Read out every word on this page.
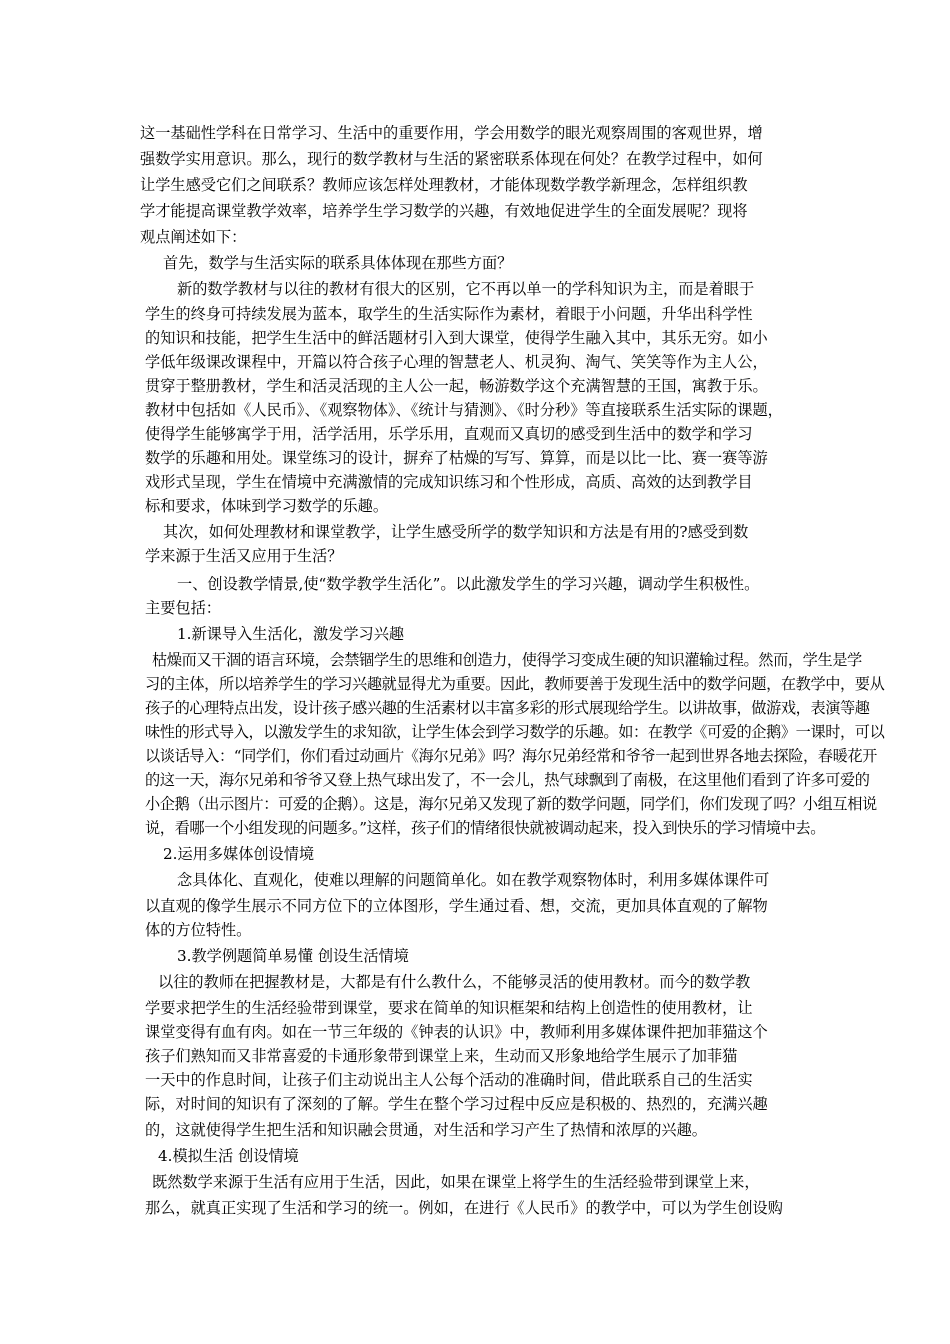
这一基础性学科在日常学习、生活中的重要作用，学会用数学的眼光观察周围的客观世界，增

强数学实用意识。那么，现行的数学教材与生活的紧密联系体现在何处？在教学过程中，如何

让学生感受它们之间联系？教师应该怎样处理教材，才能体现数学教学新理念，怎样组织教

学才能提高课堂教学效率，培养学生学习数学的兴趣，有效地促进学生的全面发展呢？现将

观点阐述如下：

首先，数学与生活实际的联系具体体现在那些方面？

新的数学教材与以往的教材有很大的区别，它不再以单一的学科知识为主，而是着眼于

学生的终身可持续发展为蓝本，取学生的生活实际作为素材，着眼于小问题，升华出科学性

的知识和技能，把学生生活中的鲜活题材引入到大课堂，使得学生融入其中，其乐无穷。如小

学低年级课改课程中，开篇以符合孩子心理的智慧老人、机灵狗、淘气、笑笑等作为主人公，

贯穿于整册教材，学生和活灵活现的主人公一起，畅游数学这个充满智慧的王国，寓教于乐。

教材中包括如《人民币》、《观察物体》、《统计与猜测》、《时分秒》等直接联系生活实际的课题，

使得学生能够寓学于用，活学活用，乐学乐用，直观而又真切的感受到生活中的数学和学习

数学的乐趣和用处。课堂练习的设计，摒弃了枯燥的写写、算算，而是以比一比、赛一赛等游

戏形式呈现，学生在情境中充满激情的完成知识练习和个性形成，高质、高效的达到教学目

标和要求，体味到学习数学的乐趣。

其次，如何处理教材和课堂教学，让学生感受所学的数学知识和方法是有用的?感受到数

学来源于生活又应用于生活？

一、创设教学情景,使“数学教学生活化”。以此激发学生的学习兴趣，调动学生积极性。

主要包括：

1.新课导入生活化，激发学习兴趣

枯燥而又干涸的语言环境，会禁锢学生的思维和创造力，使得学习变成生硬的知识灌输过程。然而，学生是学

习的主体，所以培养学生的学习兴趣就显得尤为重要。因此，教师要善于发现生活中的数学问题，在教学中，要从

孩子的心理特点出发，设计孩子感兴趣的生活素材以丰富多彩的形式展现给学生。以讲故事，做游戏，表演等趣

味性的形式导入，以激发学生的求知欲，让学生体会到学习数学的乐趣。如：在教学《可爱的企鹅》一课时，可以

以谈话导入：“同学们，你们看过动画片《海尔兄弟》吗？海尔兄弟经常和爷爷一起到世界各地去探险，春暖花开

的这一天，海尔兄弟和爷爷又登上热气球出发了，不一会儿，热气球飘到了南极，在这里他们看到了许多可爱的

小企鹅（出示图片：可爱的企鹅）。这是，海尔兄弟又发现了新的数学问题，同学们，你们发现了吗？小组互相说

说，看哪一个小组发现的问题多。”这样，孩子们的情绪很快就被调动起来，投入到快乐的学习情境中去。

2.运用多媒体创设情境

念具体化、直观化，使难以理解的问题简单化。如在教学观察物体时，利用多媒体课件可

以直观的像学生展示不同方位下的立体图形，学生通过看、想，交流，更加具体直观的了解物

体的方位特性。

3.教学例题简单易懂 创设生活情境

以往的教师在把握教材是，大都是有什么教什么，不能够灵活的使用教材。而今的数学教

学要求把学生的生活经验带到课堂，要求在简单的知识框架和结构上创造性的使用教材，让

课堂变得有血有肉。如在一节三年级的《钟表的认识》中，教师利用多媒体课件把加菲猫这个

孩子们熟知而又非常喜爱的卡通形象带到课堂上来，生动而又形象地给学生展示了加菲猫

一天中的作息时间，让孩子们主动说出主人公每个活动的准确时间，借此联系自己的生活实

际，对时间的知识有了深刻的了解。学生在整个学习过程中反应是积极的、热烈的，充满兴趣

的，这就使得学生把生活和知识融会贯通，对生活和学习产生了热情和浓厚的兴趣。

4.模拟生活 创设情境

既然数学来源于生活有应用于生活，因此，如果在课堂上将学生的生活经验带到课堂上来，

那么，就真正实现了生活和学习的统一。例如，在进行《人民币》的教学中，可以为学生创设购
